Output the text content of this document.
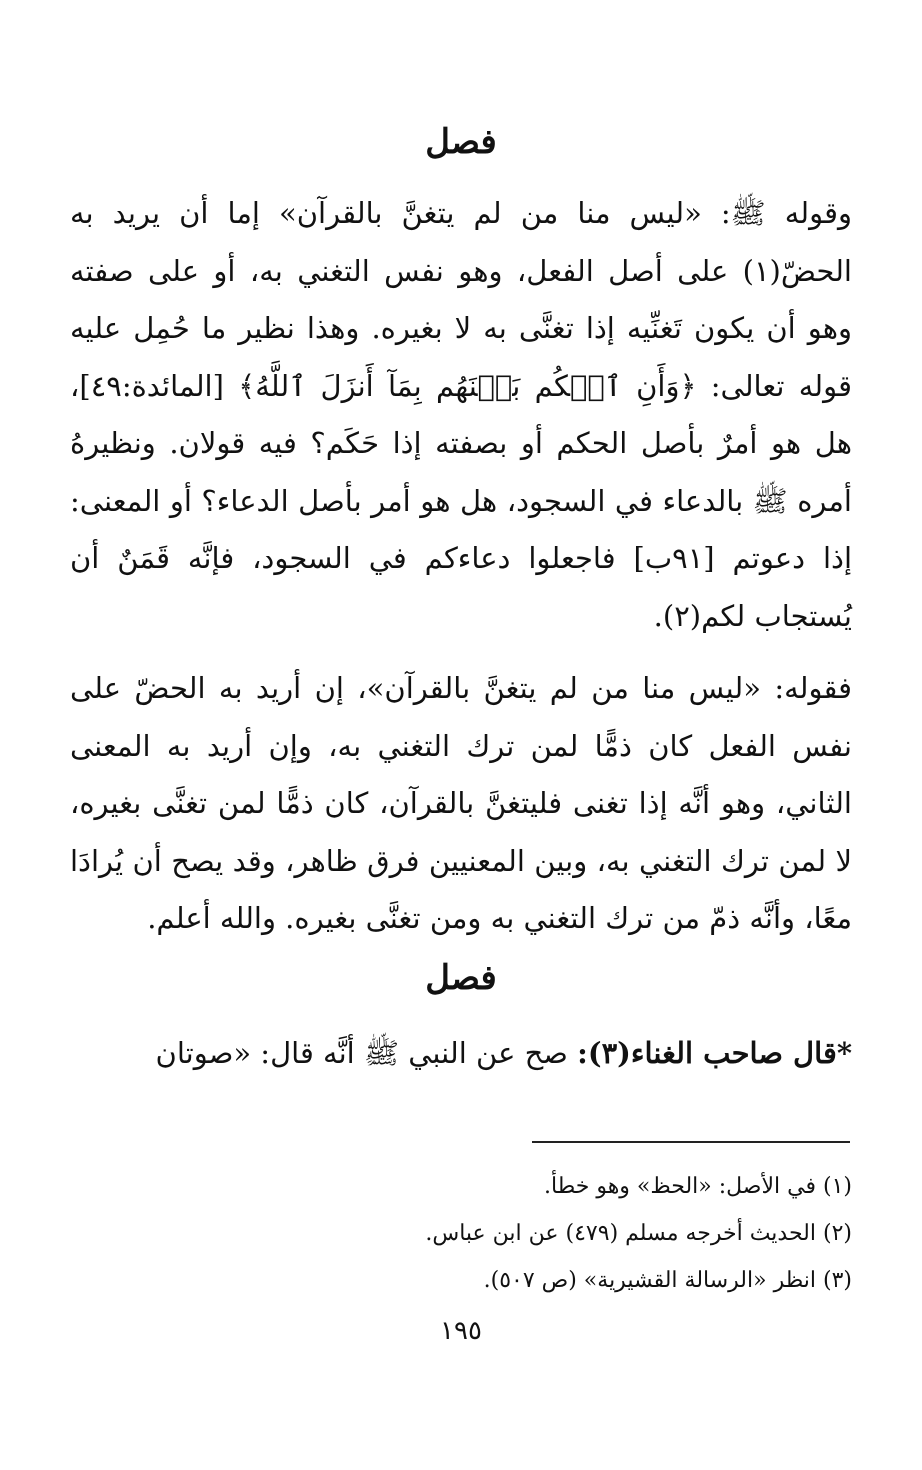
فصل

وقوله ﷺ: «ليس منا من لم يتغنَّ بالقرآن» إما أن يريد به الحضّ(١) على أصل الفعل، وهو نفس التغني به، أو على صفته وهو أن يكون تَغنِّيه إذا تغنَّى به لا بغيره. وهذا نظير ما حُمِل عليه قوله تعالى: ﴿وَأَنِ ٱحۡكُم بَيۡنَهُم بِمَآ أَنزَلَ ٱللَّهُ﴾ [المائدة:٤٩]، هل هو أمرٌ بأصل الحكم أو بصفته إذا حَكَم؟ فيه قولان. ونظيرهُ أمره ﷺ بالدعاء في السجود، هل هو أمر بأصل الدعاء؟ أو المعنى: إذا دعوتم [٩١ب] فاجعلوا دعاءكم في السجود، فإنَّه قَمَنٌ أن يُستجاب لكم(٢).

فقوله: «ليس منا من لم يتغنَّ بالقرآن»، إن أريد به الحضّ على نفس الفعل كان ذمًّا لمن ترك التغني به، وإن أريد به المعنى الثاني، وهو أنَّه إذا تغنى فليتغنَّ بالقرآن، كان ذمًّا لمن تغنَّى بغيره، لا لمن ترك التغني به، وبين المعنيين فرق ظاهر، وقد يصح أن يُرادَا معًا، وأنَّه ذمّ من ترك التغني به ومن تغنَّى بغيره. والله أعلم.

فصل

*قال صاحب الغناء(٣): صح عن النبي ﷺ أنَّه قال: «صوتان

(١) في الأصل: «الحظ» وهو خطأ.
(٢) الحديث أخرجه مسلم (٤٧٩) عن ابن عباس.
(٣) انظر «الرسالة القشيرية» (ص ٥٠٧).
١٩٥
